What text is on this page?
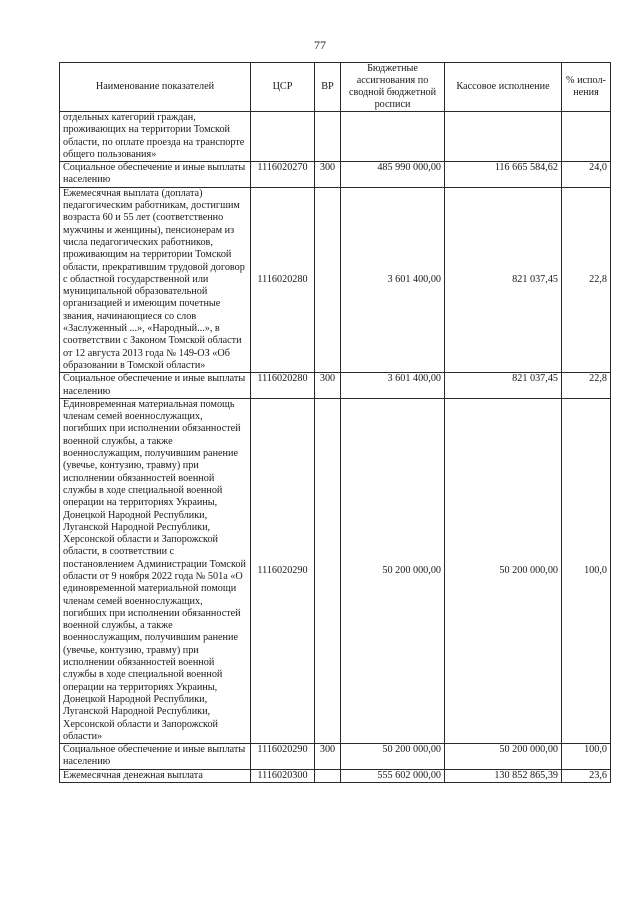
77
Наименование показателей	ЦСР	ВР	Бюджетные ассигнования по сводной бюджетной росписи	Кассовое исполнение	% испол-нения
отдельных категорий граждан, проживающих на территории Томской области, по оплате проезда на транспорте общего пользования»					
Социальное обеспечение и иные выплаты населению	1116020270	300	485 990 000,00	116 665 584,62	24,0
Ежемесячная выплата (доплата) педагогическим работникам, достигшим возраста 60 и 55 лет (соответственно мужчины и женщины), пенсионерам из числа педагогических работников, проживающим на территории Томской области, прекратившим трудовой договор с областной государственной или муниципальной образовательной организацией и имеющим почетные звания, начинающиеся со слов «Заслуженный ...», «Народный...», в соответствии с Законом Томской области от 12 августа 2013 года № 149-ОЗ «Об образовании в Томской области»	1116020280		3 601 400,00	821 037,45	22,8
Социальное обеспечение и иные выплаты населению	1116020280	300	3 601 400,00	821 037,45	22,8
Единовременная материальная помощь членам семей военнослужащих, погибших при исполнении обязанностей военной службы, а также военнослужащим, получившим ранение (увечье, контузию, травму) при исполнении обязанностей военной службы в ходе специальной военной операции на территориях Украины, Донецкой Народной Республики, Луганской Народной Республики, Херсонской области и Запорожской области, в соответствии с постановлением Администрации Томской области от 9 ноября 2022 года № 501а «О единовременной материальной помощи членам семей военнослужащих, погибших при исполнении обязанностей военной службы, а также военнослужащим, получившим ранение (увечье, контузию, травму) при исполнении обязанностей военной службы в ходе специальной военной операции на территориях Украины, Донецкой Народной Республики, Луганской Народной Республики, Херсонской области и Запорожской области»	1116020290		50 200 000,00	50 200 000,00	100,0
Социальное обеспечение и иные выплаты населению	1116020290	300	50 200 000,00	50 200 000,00	100,0
Ежемесячная денежная выплата	1116020300		555 602 000,00	130 852 865,39	23,6
